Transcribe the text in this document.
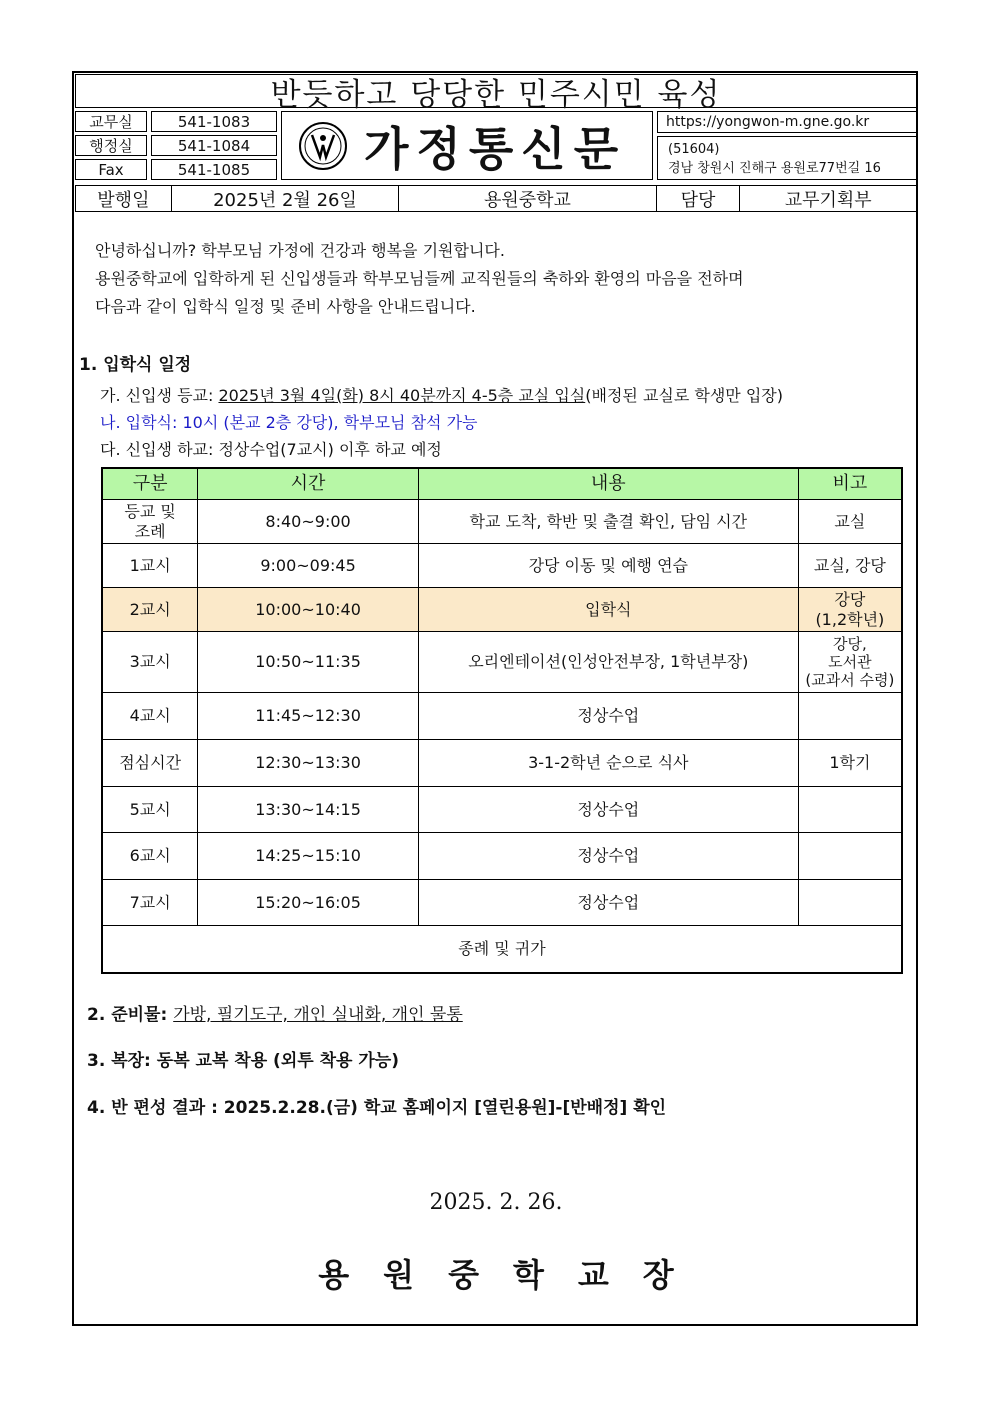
반듯하고 당당한 민주시민 육성
교무실	541-1083
행정실	541-1084
Fax	541-1085	가정통신문	https://yongwon-m.gne.go.kr
(51604)
경남 창원시 진해구 용원로77번길 16
발행일	2025년 2월 26일	용원중학교	담당	교무기획부
안녕하십니까? 학부모님 가정에 건강과 행복을 기원합니다.
용원중학교에 입학하게 된 신입생들과 학부모님들께 교직원들의 축하와 환영의 마음을 전하며
다음과 같이 입학식 일정 및 준비 사항을 안내드립니다.
1. 입학식 일정
가. 신입생 등교: 2025년 3월 4일(화) 8시 40분까지 4-5층 교실 입실(배정된 교실로 학생만 입장)
나. 입학식: 10시 (본교 2층 강당), 학부모님 참석 가능
다. 신입생 하교: 정상수업(7교시) 이후 하교 예정
구분	시간	내용	비고
등교 및
조례	8:40~9:00	학교 도착, 학반 및 출결 확인, 담임 시간	교실
1교시	9:00~09:45	강당 이동 및 예행 연습	교실, 강당
2교시	10:00~10:40	입학식	강당
(1,2학년)
3교시	10:50~11:35	오리엔테이션(인성안전부장, 1학년부장)	강당,
도서관
(교과서 수령)
4교시	11:45~12:30	정상수업	
점심시간	12:30~13:30	3-1-2학년 순으로 식사	1학기
5교시	13:30~14:15	정상수업	
6교시	14:25~15:10	정상수업	
7교시	15:20~16:05	정상수업	
종례 및 귀가			
2. 준비물: 가방, 필기도구, 개인 실내화, 개인 물통
3. 복장: 동복 교복 착용 (외투 착용 가능)
4. 반 편성 결과 : 2025.2.28.(금) 학교 홈페이지 [열린용원]-[반배정] 확인
2025. 2. 26.
용원중학교장
